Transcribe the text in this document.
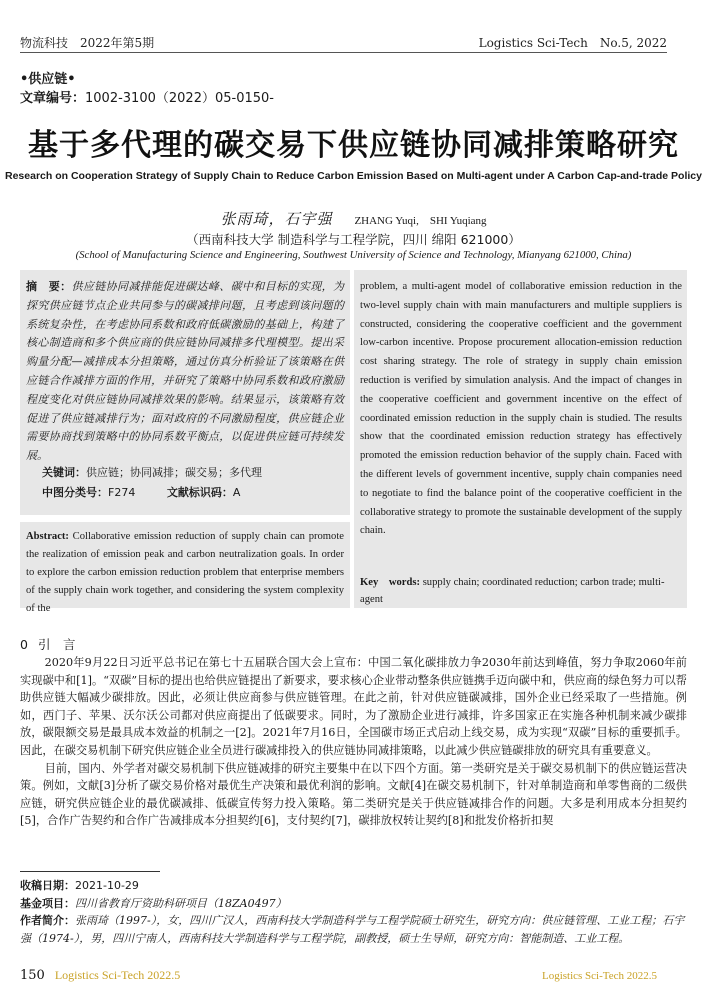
物流科技　2022年第5期	Logistics Sci-Tech　No.5, 2022
•供应链•
文章编号：1002-3100（2022）05-0150-
基于多代理的碳交易下供应链协同减排策略研究
Research on Cooperation Strategy of Supply Chain to Reduce Carbon Emission Based on Multi-agent under A Carbon Cap-and-trade Policy
张雨琦，石宇强 ZHANG Yuqi,　SHI Yuqiang
（西南科技大学 制造科学与工程学院，四川 绵阳 621000）
(School of Manufacturing Science and Engineering, Southwest University of Science and Technology, Mianyang 621000, China)
摘　要：供应链协同减排能促进碳达峰、碳中和目标的实现，为探究供应链节点企业共同参与的碳减排问题，且考虑到该问题的系统复杂性，在考虑协同系数和政府低碳激励的基础上，构建了核心制造商和多个供应商的供应链协同减排多代理模型。提出采购量分配—减排成本分担策略，通过仿真分析验证了该策略在供应链合作减排方面的作用，并研究了策略中协同系数和政府激励程度变化对供应链协同减排效果的影响。结果显示，该策略有效促进了供应链减排行为；面对政府的不同激励程度，供应链企业需要协商找到策略中的协同系数平衡点，以促进供应链可持续发展。
关键词：供应链；协同减排；碳交易；多代理
中图分类号：F274	文献标识码：A
Abstract: Collaborative emission reduction of supply chain can promote the realization of emission peak and carbon neutralization goals. In order to explore the carbon emission reduction problem that enterprise members of the supply chain work together, and considering the system complexity of the
problem, a multi-agent model of collaborative emission reduction in the two-level supply chain with main manufacturers and multiple suppliers is constructed, considering the cooperative coefficient and the government low-carbon incentive. Propose procurement allocation-emission reduction cost sharing strategy. The role of strategy in supply chain emission reduction is verified by simulation analysis. And the impact of changes in the cooperative coefficient and government incentive on the effect of coordinated emission reduction in the supply chain is studied. The results show that the coordinated emission reduction strategy has effectively promoted the emission reduction behavior of the supply chain. Faced with the different levels of government incentive, supply chain companies need to negotiate to find the balance point of the cooperative coefficient in the collaborative strategy to promote the sustainable development of the supply chain.
Key　words: supply chain; coordinated reduction; carbon trade; multi-agent
0 引　言

2020年9月22日习近平总书记在第七十五届联合国大会上宣布：中国二氧化碳排放力争2030年前达到峰值，努力争取2060年前实现碳中和[1]。“双碳”目标的提出也给供应链提出了新要求，要求核心企业带动整条供应链携手迈向碳中和，供应商的绿色努力可以帮助供应链大幅减少碳排放。因此，必须让供应商参与供应链管理。在此之前，针对供应链碳减排，国外企业已经采取了一些措施。例如，西门子、苹果、沃尔沃公司都对供应商提出了低碳要求。同时，为了激励企业进行减排，许多国家正在实施各种机制来减少碳排放，碳限额交易是最具成本效益的机制之一[2]。2021年7月16日，全国碳市场正式启动上线交易，成为实现“双碳”目标的重要抓手。因此，在碳交易机制下研究供应链企业全员进行碳减排投入的供应链协同减排策略，以此减少供应链碳排放的研究具有重要意义。

目前，国内、外学者对碳交易机制下供应链减排的研究主要集中在以下四个方面。第一类研究是关于碳交易机制下的供应链运营决策。例如，文献[3]分析了碳交易价格对最优生产决策和最优利润的影响。文献[4]在碳交易机制下，针对单制造商和单零售商的二级供应链，研究供应链企业的最优碳减排、低碳宣传努力投入策略。第二类研究是关于供应链减排合作的问题。大多是利用成本分担契约[5]，合作广告契约和合作广告减排成本分担契约[6]，支付契约[7]，碳排放权转让契约[8]和批发价格折扣契

收稿日期：2021-10-29

基金项目：四川省教育厅资助科研项目（18ZA0497）

作者简介：张雨琦（1997-），女，四川广汉人，西南科技大学制造科学与工程学院硕士研究生，研究方向：供应链管理、工业工程；石宇强（1974-），男，四川宁南人，西南科技大学制造科学与工程学院，副教授，硕士生导师，研究方向：智能制造、工业工程。

150 Logistics Sci-Tech 2022.5	Logistics Sci-Tech 2022.5
